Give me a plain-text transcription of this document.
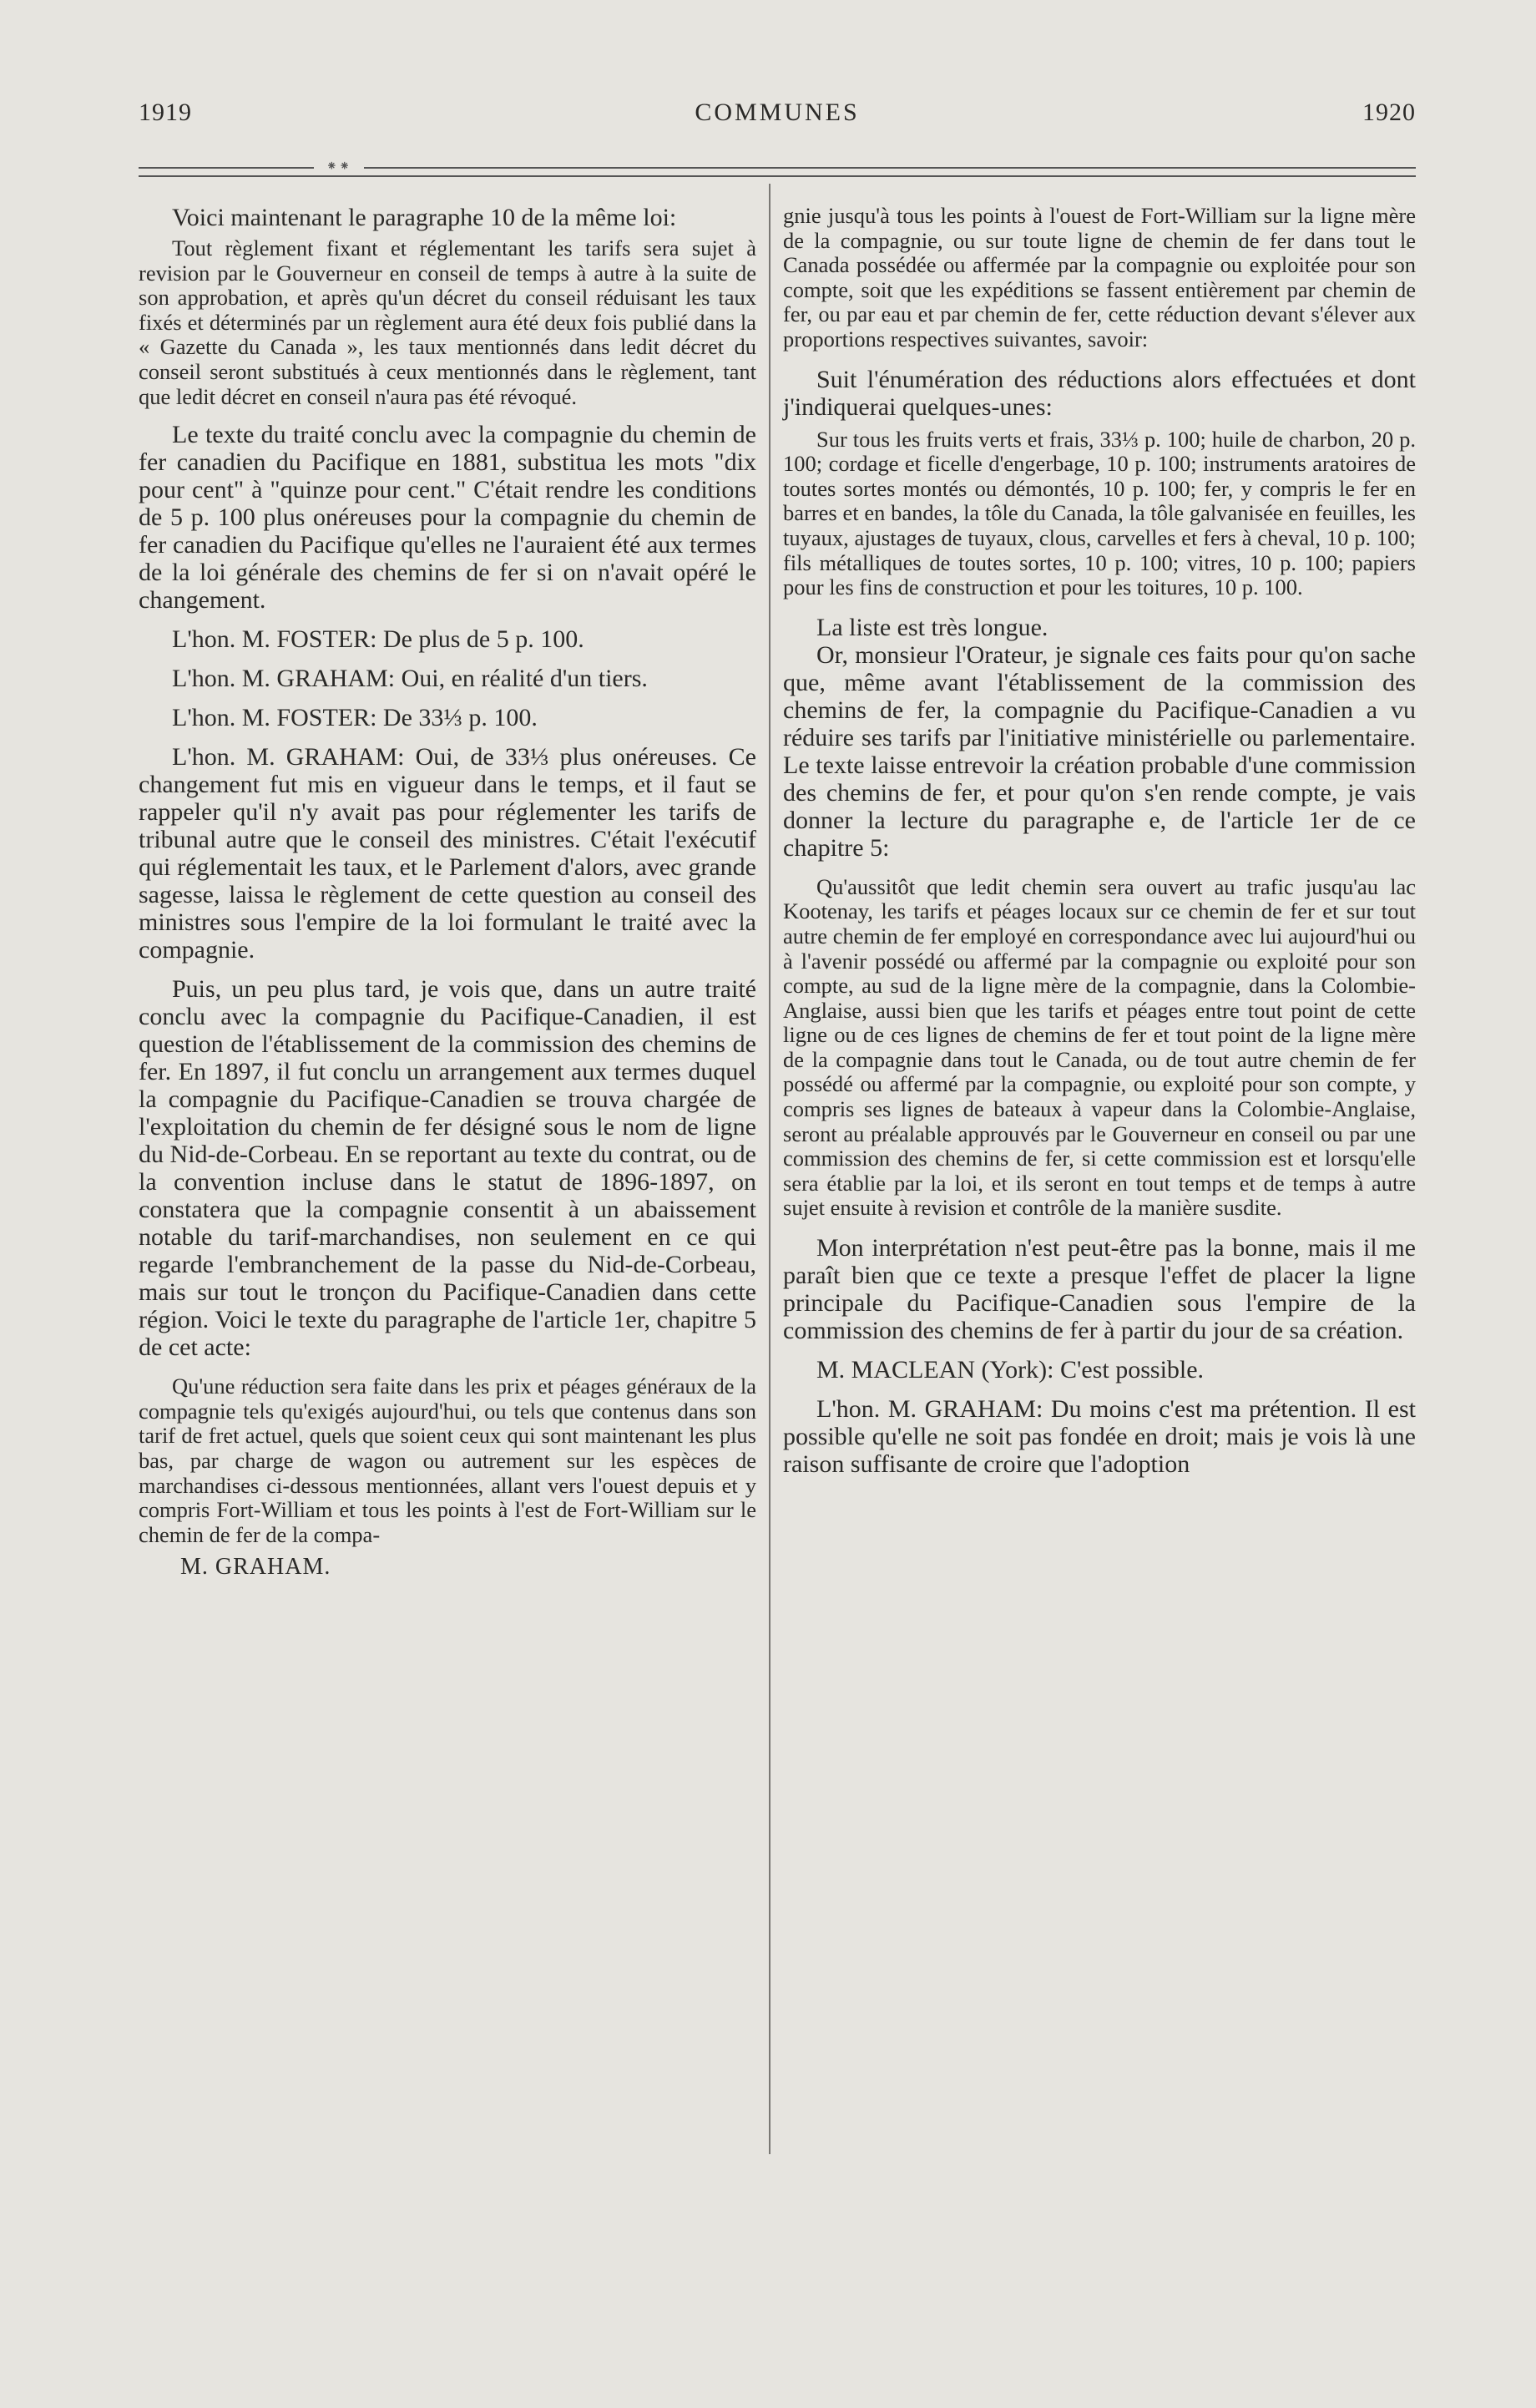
1919	COMMUNES	1920
⁕⁕

Voici maintenant le paragraphe 10 de la même loi:

Tout règlement fixant et réglementant les tarifs sera sujet à revision par le Gouverneur en conseil de temps à autre à la suite de son approbation, et après qu'un décret du conseil réduisant les taux fixés et déterminés par un règlement aura été deux fois publié dans la « Gazette du Canada », les taux mentionnés dans ledit décret du conseil seront substitués à ceux mentionnés dans le règlement, tant que ledit décret en conseil n'aura pas été révoqué.

Le texte du traité conclu avec la compagnie du chemin de fer canadien du Pacifique en 1881, substitua les mots "dix pour cent" à "quinze pour cent." C'était rendre les conditions de 5 p. 100 plus onéreuses pour la compagnie du chemin de fer canadien du Pacifique qu'elles ne l'auraient été aux termes de la loi générale des chemins de fer si on n'avait opéré le changement.

L'hon. M. FOSTER: De plus de 5 p. 100.

L'hon. M. GRAHAM: Oui, en réalité d'un tiers.

L'hon. M. FOSTER: De 33⅓ p. 100.

L'hon. M. GRAHAM: Oui, de 33⅓ plus onéreuses. Ce changement fut mis en vigueur dans le temps, et il faut se rappeler qu'il n'y avait pas pour réglementer les tarifs de tribunal autre que le conseil des ministres. C'était l'exécutif qui réglementait les taux, et le Parlement d'alors, avec grande sagesse, laissa le règlement de cette question au conseil des ministres sous l'empire de la loi formulant le traité avec la compagnie.

Puis, un peu plus tard, je vois que, dans un autre traité conclu avec la compagnie du Pacifique-Canadien, il est question de l'établissement de la commission des chemins de fer. En 1897, il fut conclu un arrangement aux termes duquel la compagnie du Pacifique-Canadien se trouva chargée de l'exploitation du chemin de fer désigné sous le nom de ligne du Nid-de-Corbeau. En se reportant au texte du contrat, ou de la convention incluse dans le statut de 1896-1897, on constatera que la compagnie consentit à un abaissement notable du tarif-marchandises, non seulement en ce qui regarde l'embranchement de la passe du Nid-de-Corbeau, mais sur tout le tronçon du Pacifique-Canadien dans cette région. Voici le texte du paragraphe de l'article 1er, chapitre 5 de cet acte:

Qu'une réduction sera faite dans les prix et péages généraux de la compagnie tels qu'exigés aujourd'hui, ou tels que contenus dans son tarif de fret actuel, quels que soient ceux qui sont maintenant les plus bas, par charge de wagon ou autrement sur les espèces de marchandises ci-dessous mentionnées, allant vers l'ouest depuis et y compris Fort-William et tous les points à l'est de Fort-William sur le chemin de fer de la compa-

M. GRAHAM.

gnie jusqu'à tous les points à l'ouest de Fort-William sur la ligne mère de la compagnie, ou sur toute ligne de chemin de fer dans tout le Canada possédée ou affermée par la compagnie ou exploitée pour son compte, soit que les expéditions se fassent entièrement par chemin de fer, ou par eau et par chemin de fer, cette réduction devant s'élever aux proportions respectives suivantes, savoir:

Suit l'énumération des réductions alors effectuées et dont j'indiquerai quelques-unes:

Sur tous les fruits verts et frais, 33⅓ p. 100; huile de charbon, 20 p. 100; cordage et ficelle d'engerbage, 10 p. 100; instruments aratoires de toutes sortes montés ou démontés, 10 p. 100; fer, y compris le fer en barres et en bandes, la tôle du Canada, la tôle galvanisée en feuilles, les tuyaux, ajustages de tuyaux, clous, carvelles et fers à cheval, 10 p. 100; fils métalliques de toutes sortes, 10 p. 100; vitres, 10 p. 100; papiers pour les fins de construction et pour les toitures, 10 p. 100.

La liste est très longue.

Or, monsieur l'Orateur, je signale ces faits pour qu'on sache que, même avant l'établissement de la commission des chemins de fer, la compagnie du Pacifique-Canadien a vu réduire ses tarifs par l'initiative ministérielle ou parlementaire. Le texte laisse entrevoir la création probable d'une commission des chemins de fer, et pour qu'on s'en rende compte, je vais donner la lecture du paragraphe e, de l'article 1er de ce chapitre 5:

Qu'aussitôt que ledit chemin sera ouvert au trafic jusqu'au lac Kootenay, les tarifs et péages locaux sur ce chemin de fer et sur tout autre chemin de fer employé en correspondance avec lui aujourd'hui ou à l'avenir possédé ou affermé par la compagnie ou exploité pour son compte, au sud de la ligne mère de la compagnie, dans la Colombie-Anglaise, aussi bien que les tarifs et péages entre tout point de cette ligne ou de ces lignes de chemins de fer et tout point de la ligne mère de la compagnie dans tout le Canada, ou de tout autre chemin de fer possédé ou affermé par la compagnie, ou exploité pour son compte, y compris ses lignes de bateaux à vapeur dans la Colombie-Anglaise, seront au préalable approuvés par le Gouverneur en conseil ou par une commission des chemins de fer, si cette commission est et lorsqu'elle sera établie par la loi, et ils seront en tout temps et de temps à autre sujet ensuite à revision et contrôle de la manière susdite.

Mon interprétation n'est peut-être pas la bonne, mais il me paraît bien que ce texte a presque l'effet de placer la ligne principale du Pacifique-Canadien sous l'empire de la commission des chemins de fer à partir du jour de sa création.

M. MACLEAN (York): C'est possible.

L'hon. M. GRAHAM: Du moins c'est ma prétention. Il est possible qu'elle ne soit pas fondée en droit; mais je vois là une raison suffisante de croire que l'adoption
